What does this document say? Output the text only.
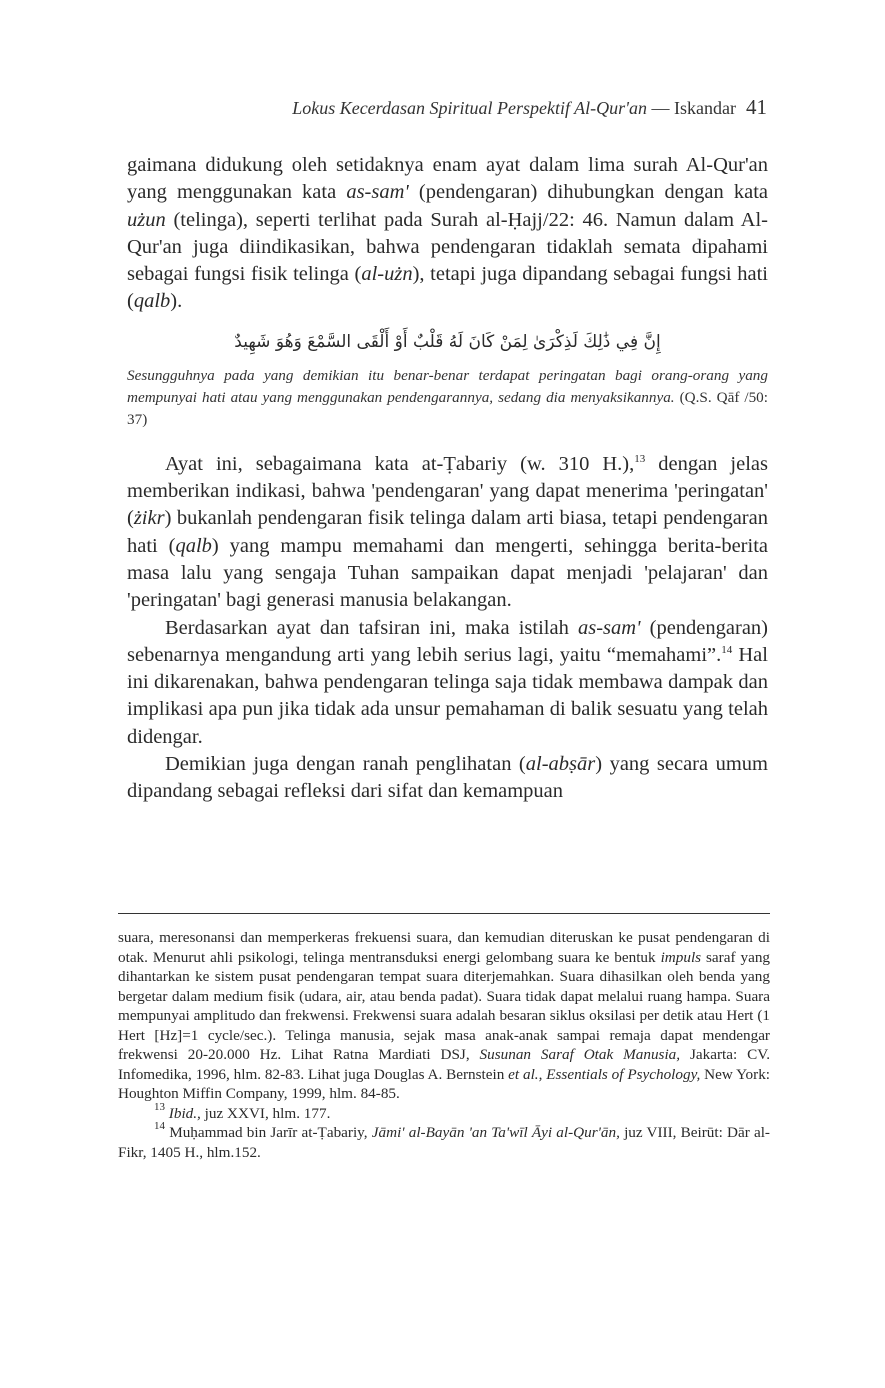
Lokus Kecerdasan Spiritual Perspektif Al-Qur'an — Iskandar 41

gaimana didukung oleh setidaknya enam ayat dalam lima surah Al-Qur'an yang menggunakan kata as-sam' (pendengaran) dihubungkan dengan kata użun (telinga), seperti terlihat pada Surah al-Ḥajj/22: 46. Namun dalam Al-Qur'an juga diindikasikan, bahwa pendengaran tidaklah semata dipahami sebagai fungsi fisik telinga (al-użn), tetapi juga dipandang sebagai fungsi hati (qalb).

إِنَّ فِي ذَٰلِكَ لَذِكْرَىٰ لِمَنْ كَانَ لَهُ قَلْبٌ أَوْ أَلْقَى السَّمْعَ وَهُوَ شَهِيدٌ

Sesungguhnya pada yang demikian itu benar-benar terdapat peringatan bagi orang-orang yang mempunyai hati atau yang menggunakan pendengarannya, sedang dia menyaksikannya. (Q.S. Qāf /50: 37)

Ayat ini, sebagaimana kata at-Ṭabariy (w. 310 H.),$^{13}$ dengan jelas memberikan indikasi, bahwa 'pendengaran' yang dapat menerima 'peringatan' (żikr) bukanlah pendengaran fisik telinga dalam arti biasa, tetapi pendengaran hati (qalb) yang mampu memahami dan mengerti, sehingga berita-berita masa lalu yang sengaja Tuhan sampaikan dapat menjadi 'pelajaran' dan 'peringatan' bagi generasi manusia belakangan.

Berdasarkan ayat dan tafsiran ini, maka istilah as-sam' (pendengaran) sebenarnya mengandung arti yang lebih serius lagi, yaitu “memahami”.$^{14}$ Hal ini dikarenakan, bahwa pendengaran telinga saja tidak membawa dampak dan implikasi apa pun jika tidak ada unsur pemahaman di balik sesuatu yang telah didengar.

Demikian juga dengan ranah penglihatan (al-abṣār) yang secara umum dipandang sebagai refleksi dari sifat dan kemampuan

suara, meresonansi dan memperkeras frekuensi suara, dan kemudian diteruskan ke pusat pendengaran di otak. Menurut ahli psikologi, telinga mentransduksi energi gelombang suara ke bentuk impuls saraf yang dihantarkan ke sistem pusat pendengaran tempat suara diterjemahkan. Suara dihasilkan oleh benda yang bergetar dalam medium fisik (udara, air, atau benda padat). Suara tidak dapat melalui ruang hampa. Suara mempunyai amplitudo dan frekwensi. Frekwensi suara adalah besaran siklus oksilasi per detik atau Hert (1 Hert [Hz]=1 cycle/sec.). Telinga manusia, sejak masa anak-anak sampai remaja dapat mendengar frekwensi 20-20.000 Hz. Lihat Ratna Mardiati DSJ, Susunan Saraf Otak Manusia, Jakarta: CV. Infomedika, 1996, hlm. 82-83. Lihat juga Douglas A. Bernstein et al., Essentials of Psychology, New York: Houghton Miffin Company, 1999, hlm. 84-85.

$^{13}$ Ibid., juz XXVI, hlm. 177.

$^{14}$ Muḥammad bin Jarīr at-Ṭabariy, Jāmi' al-Bayān 'an Ta'wīl Āyi al-Qur'ān, juz VIII, Beirūt: Dār al-Fikr, 1405 H., hlm.152.
